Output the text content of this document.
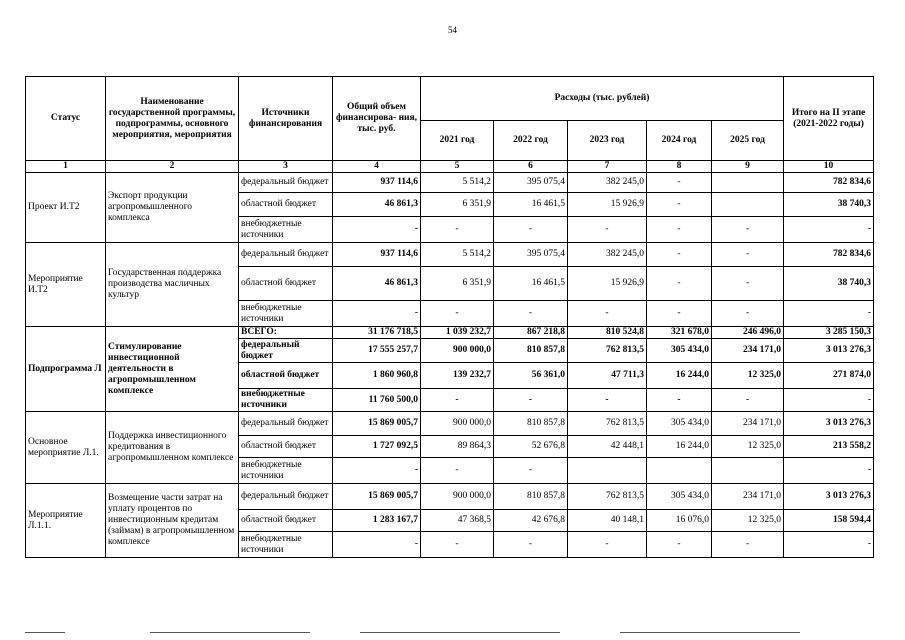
54
Статус	Наименование государственной программы, подпрограммы, основного мероприятия, мероприятия	Источники финансирования	Общий объем финансирова- ния, тыс. руб.	Расходы (тыс. рублей)					Итого на II этапе (2021-2022 годы)
				2021 год	2022 год	2023 год	2024 год	2025 год	
1	2	3	4	5	6	7	8	9	10
Проект И.Т2	Экспорт продукции агропромышленного комплекса	федеральный бюджет	937 114,6	5 514,2	395 075,4	382 245,0	-		782 834,6
		областной бюджет	46 861,3	6 351,9	16 461,5	15 926,9	-		38 740,3
		внебюджетные источники	-	-	-	-	-	-	-
Мероприятие И.Т2	Государственная поддержка производства масличных культур	федеральный бюджет	937 114,6	5 514,2	395 075,4	382 245,0	-	-	782 834,6
		областной бюджет	46 861,3	6 351,9	16 461,5	15 926,9	-	-	38 740,3
		внебюджетные источники	-	-	-	-	-	-	-
Подпрограмма Л	Стимулирование инвестиционной деятельности в агропромышленном комплексе	ВСЕГО:	31 176 718,5	1 039 232,7	867 218,8	810 524,8	321 678,0	246 496,0	3 285 150,3
		федеральный бюджет	17 555 257,7	900 000,0	810 857,8	762 813,5	305 434,0	234 171,0	3 013 276,3
		областной бюджет	1 860 960,8	139 232,7	56 361,0	47 711,3	16 244,0	12 325,0	271 874,0
		внебюджетные источники	11 760 500,0	-	-	-	-	-	-
Основное мероприятие Л.1.	Поддержка инвестиционного кредитования в агропромышленном комплексе	федеральный бюджет	15 869 005,7	900 000,0	810 857,8	762 813,5	305 434,0	234 171,0	3 013 276,3
		областной бюджет	1 727 092,5	89 864,3	52 676,8	42 448,1	16 244,0	12 325,0	213 558,2
		внебюджетные источники	-	-	-				-
Мероприятие Л.1.1.	Возмещение части затрат на уплату процентов по инвестиционным кредитам (займам) в агропромышленном комплексе	федеральный бюджет	15 869 005,7	900 000,0	810 857,8	762 813,5	305 434,0	234 171,0	3 013 276,3
		областной бюджет	1 283 167,7	47 368,5	42 676,8	40 148,1	16 076,0	12 325,0	158 594,4
		внебюджетные источники	-	-	-	-	-	-	-
